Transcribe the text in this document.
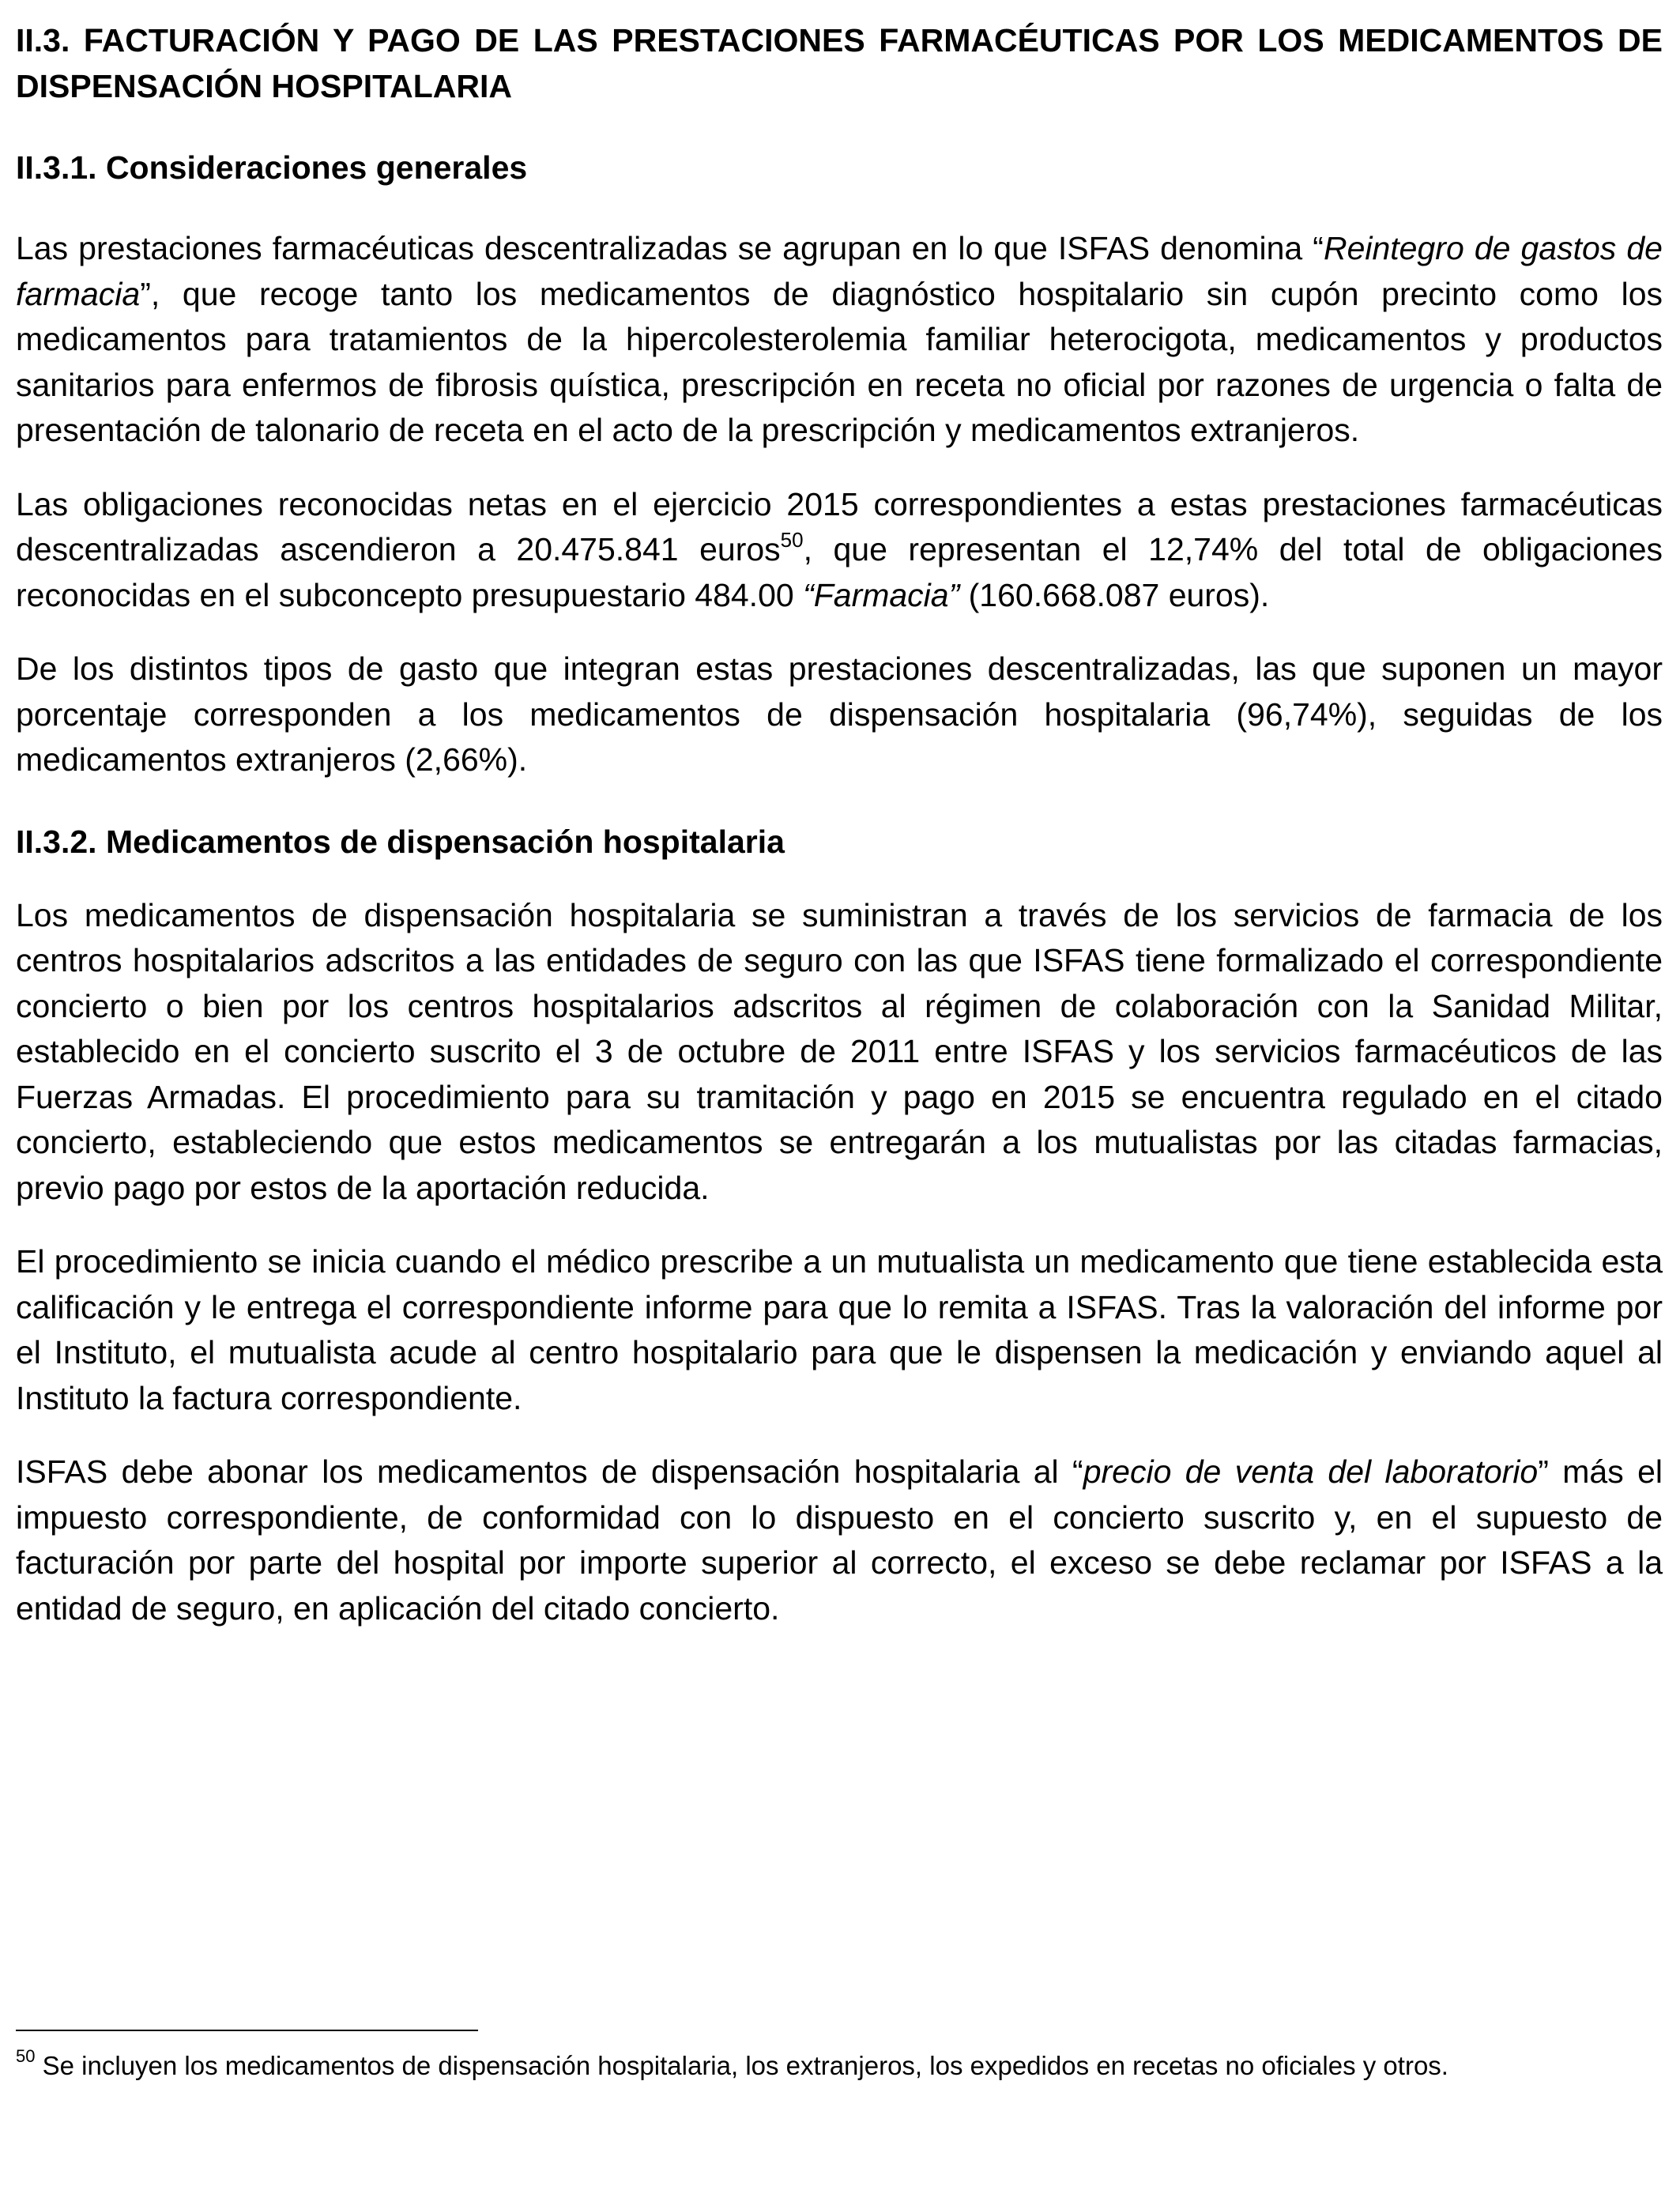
II.3. FACTURACIÓN Y PAGO DE LAS PRESTACIONES FARMACÉUTICAS POR LOS MEDICAMENTOS DE DISPENSACIÓN HOSPITALARIA

II.3.1. Consideraciones generales

Las prestaciones farmacéuticas descentralizadas se agrupan en lo que ISFAS denomina “Reintegro de gastos de farmacia”, que recoge tanto los medicamentos de diagnóstico hospitalario sin cupón precinto como los medicamentos para tratamientos de la hipercolesterolemia familiar heterocigota, medicamentos y productos sanitarios para enfermos de fibrosis quística, prescripción en receta no oficial por razones de urgencia o falta de presentación de talonario de receta en el acto de la prescripción y medicamentos extranjeros.

Las obligaciones reconocidas netas en el ejercicio 2015 correspondientes a estas prestaciones farmacéuticas descentralizadas ascendieron a 20.475.841 euros$^{50}$, que representan el 12,74% del total de obligaciones reconocidas en el subconcepto presupuestario 484.00 “Farmacia” (160.668.087 euros).

De los distintos tipos de gasto que integran estas prestaciones descentralizadas, las que suponen un mayor porcentaje corresponden a los medicamentos de dispensación hospitalaria (96,74%), seguidas de los medicamentos extranjeros (2,66%).

II.3.2. Medicamentos de dispensación hospitalaria

Los medicamentos de dispensación hospitalaria se suministran a través de los servicios de farmacia de los centros hospitalarios adscritos a las entidades de seguro con las que ISFAS tiene formalizado el correspondiente concierto o bien por los centros hospitalarios adscritos al régimen de colaboración con la Sanidad Militar, establecido en el concierto suscrito el 3 de octubre de 2011 entre ISFAS y los servicios farmacéuticos de las Fuerzas Armadas. El procedimiento para su tramitación y pago en 2015 se encuentra regulado en el citado concierto, estableciendo que estos medicamentos se entregarán a los mutualistas por las citadas farmacias, previo pago por estos de la aportación reducida.

El procedimiento se inicia cuando el médico prescribe a un mutualista un medicamento que tiene establecida esta calificación y le entrega el correspondiente informe para que lo remita a ISFAS. Tras la valoración del informe por el Instituto, el mutualista acude al centro hospitalario para que le dispensen la medicación y enviando aquel al Instituto la factura correspondiente.

ISFAS debe abonar los medicamentos de dispensación hospitalaria al “precio de venta del laboratorio” más el impuesto correspondiente, de conformidad con lo dispuesto en el concierto suscrito y, en el supuesto de facturación por parte del hospital por importe superior al correcto, el exceso se debe reclamar por ISFAS a la entidad de seguro, en aplicación del citado concierto.

$^{50}$ Se incluyen los medicamentos de dispensación hospitalaria, los extranjeros, los expedidos en recetas no oficiales y otros.
